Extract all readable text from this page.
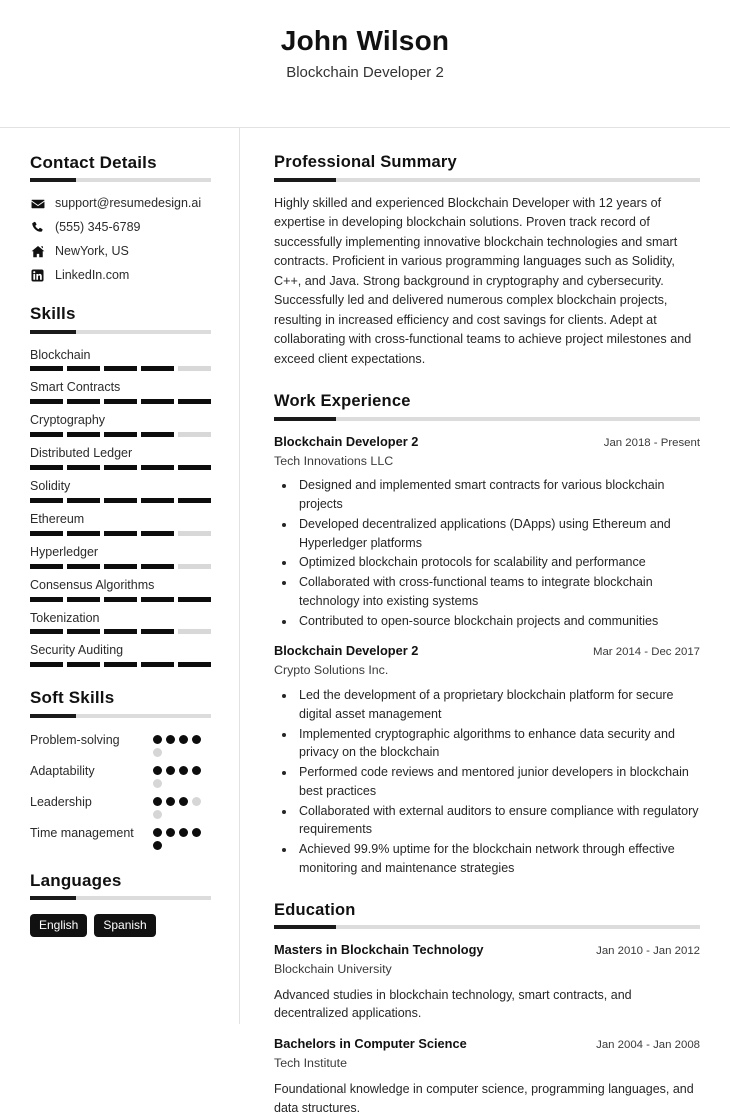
John Wilson
Blockchain Developer 2
Contact Details
support@resumedesign.ai
(555) 345-6789
NewYork, US
LinkedIn.com
Skills
Blockchain
Smart Contracts
Cryptography
Distributed Ledger
Solidity
Ethereum
Hyperledger
Consensus Algorithms
Tokenization
Security Auditing
Soft Skills
Problem-solving
Adaptability
Leadership
Time management
Languages
English	Spanish
Professional Summary
Highly skilled and experienced Blockchain Developer with 12 years of expertise in developing blockchain solutions. Proven track record of successfully implementing innovative blockchain technologies and smart contracts. Proficient in various programming languages such as Solidity, C++, and Java. Strong background in cryptography and cybersecurity. Successfully led and delivered numerous complex blockchain projects, resulting in increased efficiency and cost savings for clients. Adept at collaborating with cross-functional teams to achieve project milestones and exceed client expectations.
Work Experience
Blockchain Developer 2	Jan 2018 - Present
Tech Innovations LLC
• Designed and implemented smart contracts for various blockchain projects
• Developed decentralized applications (DApps) using Ethereum and Hyperledger platforms
• Optimized blockchain protocols for scalability and performance
• Collaborated with cross-functional teams to integrate blockchain technology into existing systems
• Contributed to open-source blockchain projects and communities
Blockchain Developer 2	Mar 2014 - Dec 2017
Crypto Solutions Inc.
• Led the development of a proprietary blockchain platform for secure digital asset management
• Implemented cryptographic algorithms to enhance data security and privacy on the blockchain
• Performed code reviews and mentored junior developers in blockchain best practices
• Collaborated with external auditors to ensure compliance with regulatory requirements
• Achieved 99.9% uptime for the blockchain network through effective monitoring and maintenance strategies
Education
Masters in Blockchain Technology	Jan 2010 - Jan 2012
Blockchain University
Advanced studies in blockchain technology, smart contracts, and decentralized applications.
Bachelors in Computer Science	Jan 2004 - Jan 2008
Tech Institute
Foundational knowledge in computer science, programming languages, and data structures.
